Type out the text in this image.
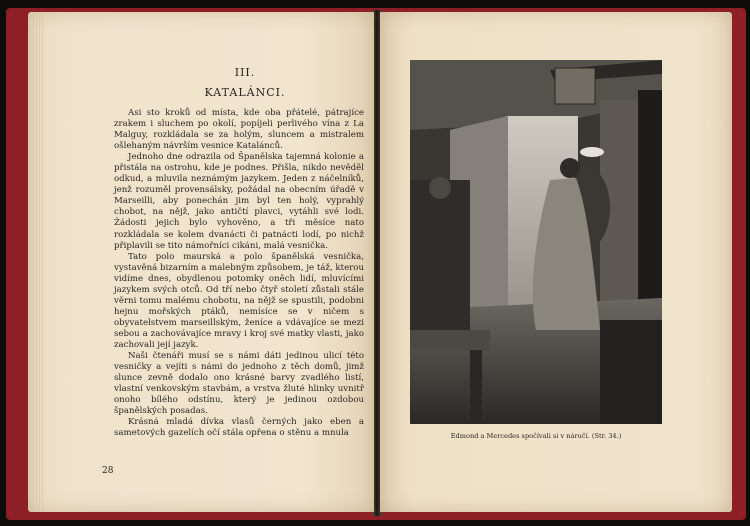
III.
KATALÁNCI.

Asi sto kroků od místa, kde oba přátelé, pátrajíce zrakem i sluchem po okolí, popíjeli perlivého vína z La Malguy, rozkládala se za holým, sluncem a mistralem ošlehaným návrším vesnice Katalánců.

Jednoho dne odrazila od Španělska tajemná kolonie a přistála na ostrohu, kde je podnes. Přišla, nikdo nevěděl odkud, a mluvila neznámým jazykem. Jeden z náčelníků, jenž rozuměl provensálsky, požádal na obecním úřadě v Marseilli, aby ponechán jim byl ten holý, vyprahlý chobot, na nějž, jako antičtí plavci, vytáhli své lodi. Žádosti jejich bylo vyhověno, a tři měsíce nato rozkládala se kolem dvanácti či patnácti lodí, po nichž připlavili se tito námořníci cikáni, malá vesnička.

Tato polo maurská a polo španělská vesnička, vystavěná bizarním a malebným způsobem, je táž, kterou vidíme dnes, obydlenou potomky oněch lidí, mluvícími jazykem svých otců. Od tří nebo čtyř století zůstali stále věrni tomu malému chobotu, na nějž se spustili, podobni hejnu mořských ptáků, nemísíce se v ničem s obyvatelstvem marseillským, ženíce a vdávajíce se mezi sebou a zachovávajíce mravy i kroj své matky vlasti, jako zachovali její jazyk.

Naši čtenáři musí se s námi dáti jedinou ulicí této vesničky a vejíti s námi do jednoho z těch domů, jimž slunce zevně dodalo ono krásné barvy zvadlého listí, vlastní venkovským stavbám, a vrstva žluté hlinky uvnitř onoho bílého odstínu, který je jedinou ozdobou španělských posadas.

Krásná mladá dívka vlasů černých jako eben a sametových gazelích očí stála opřena o stěnu a mnula

28
Edmond a Mercedes spočívali si v náručí. (Str. 34.)
